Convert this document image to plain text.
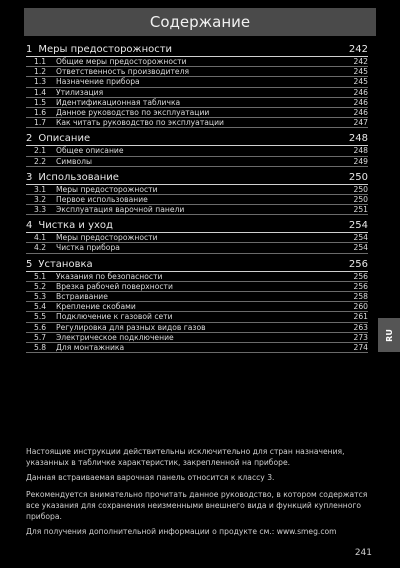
Содержание
1 Меры предосторожности	242
1.1 Общие меры предосторожности	242
1.2 Ответственность производителя	245
1.3 Назначение прибора	245
1.4 Утилизация	246
1.5 Идентификационная табличка	246
1.6 Данное руководство по эксплуатации	246
1.7 Как читать руководство по эксплуатации	247
2 Описание	248
2.1 Общее описание	248
2.2 Символы	249
3 Использование	250
3.1 Меры предосторожности	250
3.2 Первое использование	250
3.3 Эксплуатация варочной панели	251
4 Чистка и уход	254
4.1 Меры предосторожности	254
4.2 Чистка прибора	254
5 Установка	256
5.1 Указания по безопасности	256
5.2 Врезка рабочей поверхности	256
5.3 Встраивание	258
5.4 Крепление скобами	260
5.5 Подключение к газовой сети	261
5.6 Регулировка для разных видов газов	263
5.7 Электрическое подключение	273
5.8 Для монтажника	274

Настоящие инструкции действительны исключительно для стран назначения, указанных в табличке характеристик, закрепленной на приборе.

Данная встраиваемая варочная панель относится к классу 3.

Рекомендуется внимательно прочитать данное руководство, в котором содержатся все указания для сохранения неизменными внешнего вида и функций купленного прибора.

Для получения дополнительной информации о продукте см.: www.smeg.com

RU
241
